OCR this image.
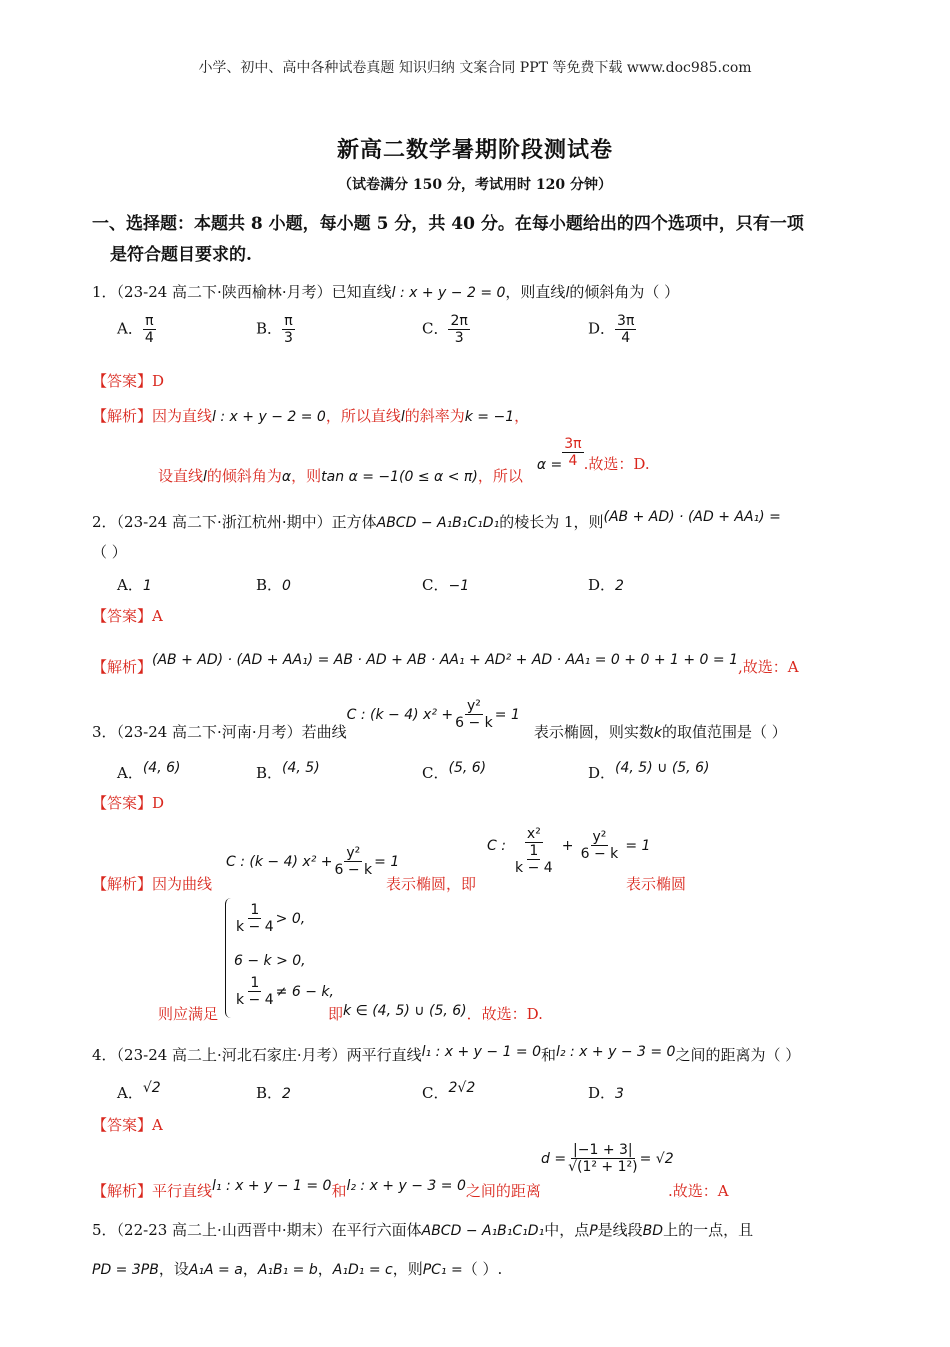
小学、初中、高中各种试卷真题 知识归纳 文案合同 PPT 等免费下载 www.doc985.com
新高二数学暑期阶段测试卷
（试卷满分 150 分，考试用时 120 分钟）
一、选择题：本题共 8 小题，每小题 5 分，共 40 分。在每小题给出的四个选项中，只有一项
是符合题目要求的.
1．（23-24 高二下·陕西榆林·月考）已知直线l : x + y − 2 = 0，则直线l的倾斜角为（ ）
A． $\frac{\pi}{4}$	B． $\frac{\pi}{3}$	C． $\frac{2\pi}{3}$	D． $\frac{3\pi}{4}$
【答案】D
【解析】因为直线l : x + y − 2 = 0，所以直线l的斜率为k = −1，
设直线l的倾斜角为α，则tan α = −1(0 ≤ α < π)，所以$\alpha = \frac{3\pi}{4}$ .故选：D.
2．（23-24 高二下·浙江杭州·期中）正方体ABCD − A₁B₁C₁D₁的棱长为 1，则(AB + AD) · (AD + AA₁) =
（ ）
A．1	B．0	C．−1	D．2
【答案】A
【解析】(AB + AD) · (AD + AA₁) = AB · AD + AB · AA₁ + AD² + AD · AA₁ = 0 + 0 + 1 + 0 = 1,故选：A
3．（23-24 高二下·河南·月考）若曲线C : (k − 4) $x^2 + \frac{\text{y²}}{6 - k} = 1$表示椭圆，则实数k的取值范围是（ ）
A．(4, 6)	B．(4, 5)	C．(5, 6)	D．(4, 5) ∪ (5, 6)
【答案】D
【解析】因为曲线
C : (k − 4) $x^2 + \frac{\text{y²}}{6 - k} = 1$
表示椭圆，即
C : $\frac{\text{x²}}{\frac{1}{k - 4}} + \frac{\text{y²}}{6 - k} = 1$
表示椭圆
$\frac{1}{k - 4} > 0$,
6 − k > 0,
$\frac{1}{k - 4} \ne 6 - k$,
则应满足	即k ∈ (4, 5) ∪ (5, 6)．故选：D.
4．（23-24 高二上·河北石家庄·月考）两平行直线l₁ : x + y − 1 = 0和l₂ : x + y − 3 = 0之间的距离为（ ）
A．√2	B．2	C．2√2	D．3
【答案】A
【解析】平行直线l₁ : x + y − 1 = 0和l₂ : x + y − 3 = 0之间的距离
$d = \frac{|-1 + 3|}{\text{√(1² + 1²)}} = √2$
.故选：A
5．（22-23 高二上·山西晋中·期末）在平行六面体ABCD − A₁B₁C₁D₁中，点P是线段BD上的一点，且
PD = 3PB，设A₁A = a，A₁B₁ = b，A₁D₁ = c，则PC₁ =（ ）.
